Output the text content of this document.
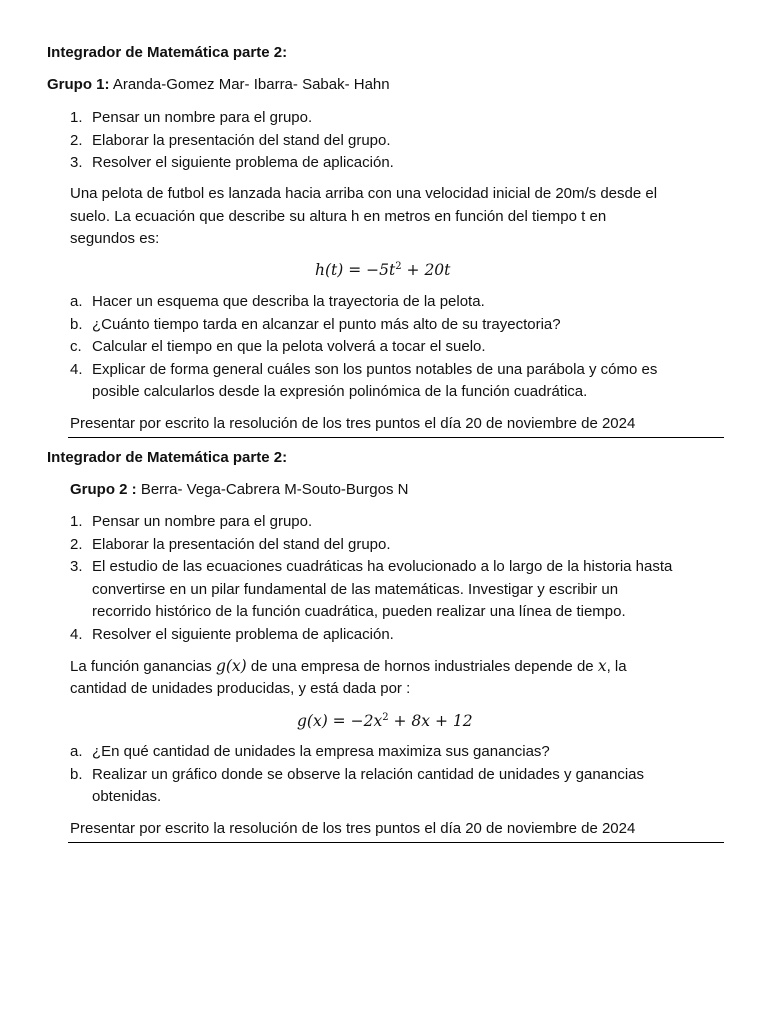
Integrador de Matemática parte 2:
Grupo 1: Aranda-Gomez Mar- Ibarra- Sabak- Hahn
1. Pensar un nombre para el grupo.
2. Elaborar la presentación del stand del grupo.
3. Resolver el siguiente problema de aplicación.
Una pelota de futbol es lanzada hacia arriba con una velocidad inicial de 20m/s desde el
suelo. La ecuación que describe su altura h en metros en función del tiempo t en
segundos es:
$h(t) = -5t^2 + 20t$
a. Hacer un esquema que describa la trayectoria de la pelota.
b. ¿Cuánto tiempo tarda en alcanzar el punto más alto de su trayectoria?
c. Calcular el tiempo en que la pelota volverá a tocar el suelo.
4. Explicar de forma general cuáles son los puntos notables de una parábola y cómo es
posible calcularlos desde la expresión polinómica de la función cuadrática.
Presentar por escrito la resolución de los tres puntos el día 20 de noviembre de 2024
Integrador de Matemática parte 2:
Grupo 2 : Berra- Vega-Cabrera M-Souto-Burgos N
1. Pensar un nombre para el grupo.
2. Elaborar la presentación del stand del grupo.
3. El estudio de las ecuaciones cuadráticas ha evolucionado a lo largo de la historia hasta
convertirse en un pilar fundamental de las matemáticas. Investigar y escribir un
recorrido histórico de la función cuadrática, pueden realizar una línea de tiempo.
4. Resolver el siguiente problema de aplicación.
La función ganancias g(x) de una empresa de hornos industriales depende de x, la
cantidad de unidades producidas, y está dada por :
$g(x) = -2x^2 + 8x + 12$
a. ¿En qué cantidad de unidades la empresa maximiza sus ganancias?
b. Realizar un gráfico donde se observe la relación cantidad de unidades y ganancias
obtenidas.
Presentar por escrito la resolución de los tres puntos el día 20 de noviembre de 2024
